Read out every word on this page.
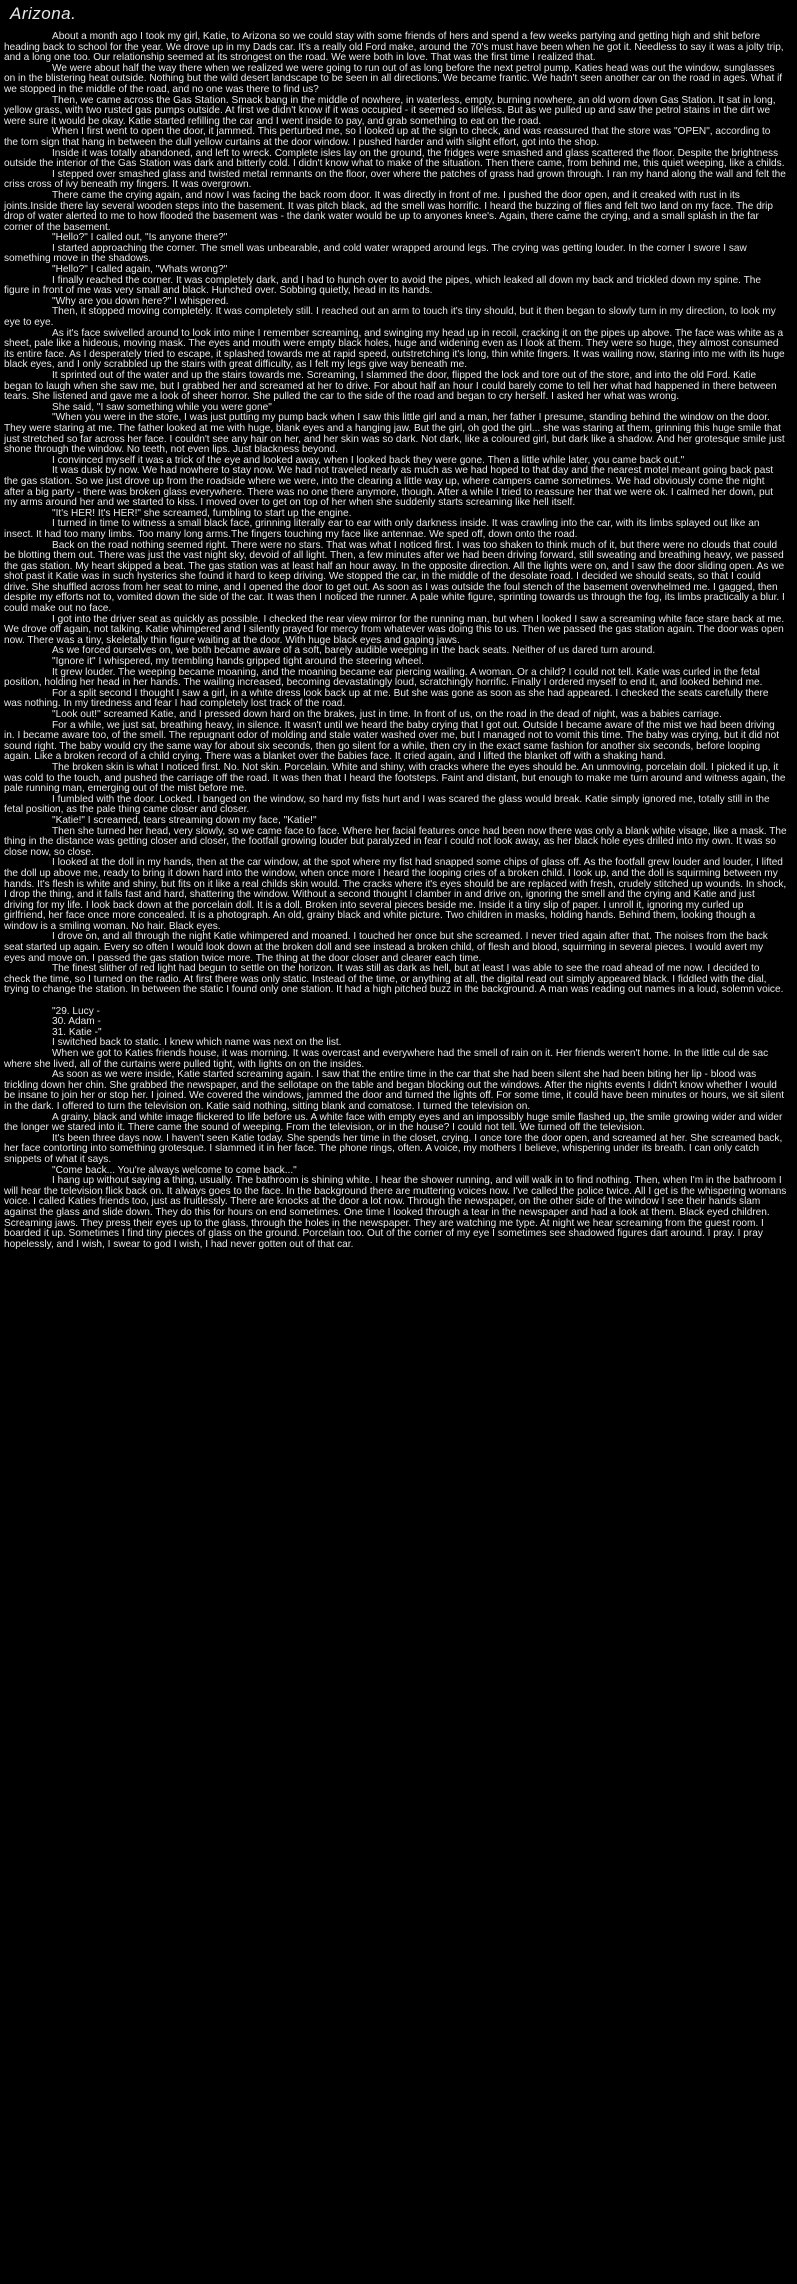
Arizona.

About a month ago I took my girl, Katie, to Arizona so we could stay with some friends of hers and spend a few weeks partying and getting high and shit before heading back to school for the year. We drove up in my Dads car. It's a really old Ford make, around the 70's must have been when he got it. Needless to say it was a jolty trip, and a long one too. Our relationship seemed at its strongest on the road. We were both in love. That was the first time I realized that.

We were about half the way there when we realized we were going to run out of as long before the next petrol pump. Katies head was out the window, sunglasses on in the blistering heat outside. Nothing but the wild desert landscape to be seen in all directions. We became frantic. We hadn't seen another car on the road in ages. What if we stopped in the middle of the road, and no one was there to find us?

Then, we came across the Gas Station. Smack bang in the middle of nowhere, in waterless, empty, burning nowhere, an old worn down Gas Station. It sat in long, yellow grass, with two rusted gas pumps outside. At first we didn't know if it was occupied - it seemed so lifeless. But as we pulled up and saw the petrol stains in the dirt we were sure it would be okay. Katie started refilling the car and I went inside to pay, and grab something to eat on the road.

When I first went to open the door, it jammed. This perturbed me, so I looked up at the sign to check, and was reassured that the store was "OPEN", according to the torn sign that hang in between the dull yellow curtains at the door window. I pushed harder and with slight effort, got into the shop.

Inside it was totally abandoned, and left to wreck. Complete isles lay on the ground, the fridges were smashed and glass scattered the floor. Despite the brightness outside the interior of the Gas Station was dark and bitterly cold. I didn't know what to make of the situation. Then there came, from behind me, this quiet weeping, like a childs.

I stepped over smashed glass and twisted metal remnants on the floor, over where the patches of grass had grown through. I ran my hand along the wall and felt the criss cross of ivy beneath my fingers. It was overgrown.

There came the crying again, and now I was facing the back room door. It was directly in front of me. I pushed the door open, and it creaked with rust in its joints.Inside there lay several wooden steps into the basement. It was pitch black, ad the smell was horrific. I heard the buzzing of flies and felt two land on my face. The drip drop of water alerted to me to how flooded the basement was - the dank water would be up to anyones knee's. Again, there came the crying, and a small splash in the far corner of the basement.

"Hello?" I called out, "Is anyone there?"

I started approaching the corner. The smell was unbearable, and cold water wrapped around legs. The crying was getting louder. In the corner I swore I saw something move in the shadows.

"Hello?" I called again, "Whats wrong?"

I finally reached the corner. It was completely dark, and I had to hunch over to avoid the pipes, which leaked all down my back and trickled down my spine. The figure in front of me was very small and black. Hunched over. Sobbing quietly, head in its hands.

"Why are you down here?" I whispered.

Then, it stopped moving completely. It was completely still. I reached out an arm to touch it's tiny should, but it then began to slowly turn in my direction, to look my eye to eye.

As it's face swivelled around to look into mine I remember screaming, and swinging my head up in recoil, cracking it on the pipes up above. The face was white as a sheet, pale like a hideous, moving mask. The eyes and mouth were empty black holes, huge and widening even as I look at them. They were so huge, they almost consumed its entire face. As I desperately tried to escape, it splashed towards me at rapid speed, outstretching it's long, thin white fingers. It was wailing now, staring into me with its huge black eyes, and I only scrabbled up the stairs with great difficulty, as I felt my legs give way beneath me.

It sprinted out of the water and up the stairs towards me. Screaming, I slammed the door, flipped the lock and tore out of the store, and into the old Ford. Katie began to laugh when she saw me, but I grabbed her and screamed at her to drive. For about half an hour I could barely come to tell her what had happened in there between tears. She listened and gave me a look of sheer horror. She pulled the car to the side of the road and began to cry herself. I asked her what was wrong.

She said, "I saw something while you were gone"

"When you were in the store, I was just putting my pump back when I saw this little girl and a man, her father I presume, standing behind the window on the door. They were staring at me. The father looked at me with huge, blank eyes and a hanging jaw. But the girl, oh god the girl... she was staring at them, grinning this huge smile that just stretched so far across her face. I couldn't see any hair on her, and her skin was so dark. Not dark, like a coloured girl, but dark like a shadow. And her grotesque smile just shone through the window. No teeth, not even lips. Just blackness beyond.

I convinced myself it was a trick of the eye and looked away, when I looked back they were gone. Then a little while later, you came back out."

It was dusk by now. We had nowhere to stay now. We had not traveled nearly as much as we had hoped to that day and the nearest motel meant going back past the gas station. So we just drove up from the roadside where we were, into the clearing a little way up, where campers came sometimes. We had obviously come the night after a big party - there was broken glass everywhere. There was no one there anymore, though. After a while I tried to reassure her that we were ok. I calmed her down, put my arms around her and we started to kiss. I moved over to get on top of her when she suddenly starts screaming like hell itself.

"It's HER! It's HER!" she screamed, fumbling to start up the engine.

I turned in time to witness a small black face, grinning literally ear to ear with only darkness inside. It was crawling into the car, with its limbs splayed out like an insect. It had too many limbs. Too many long arms.The fingers touching my face like antennae. We sped off, down onto the road.

Back on the road nothing seemed right. There were no stars. That was what I noticed first. I was too shaken to think much of it, but there were no clouds that could be blotting them out. There was just the vast night sky, devoid of all light. Then, a few minutes after we had been driving forward, still sweating and breathing heavy, we passed the gas station. My heart skipped a beat. The gas station was at least half an hour away. In the opposite direction. All the lights were on, and I saw the door sliding open. As we shot past it Katie was in such hysterics she found it hard to keep driving. We stopped the car, in the middle of the desolate road. I decided we should seats, so that I could drive. She shuffled across from her seat to mine, and I opened the door to get out. As soon as I was outside the foul stench of the basement overwhelmed me. I gagged, then despite my efforts not to, vomited down the side of the car. It was then I noticed the runner. A pale white figure, sprinting towards us through the fog, its limbs practically a blur. I could make out no face.

I got into the driver seat as quickly as possible. I checked the rear view mirror for the running man, but when I looked I saw a screaming white face stare back at me. We drove off again, not talking. Katie whimpered and I silently prayed for mercy from whatever was doing this to us. Then we passed the gas station again. The door was open now. There was a tiny, skeletally thin figure waiting at the door. With huge black eyes and gaping jaws.

As we forced ourselves on, we both became aware of a soft, barely audible weeping in the back seats. Neither of us dared turn around.

"Ignore it" I whispered, my trembling hands gripped tight around the steering wheel.

It grew louder. The weeping became moaning, and the moaning became ear piercing wailing. A woman. Or a child? I could not tell. Katie was curled in the fetal position, holding her head in her hands. The wailing increased, becoming devastatingly loud, scratchingly horrific. Finally I ordered myself to end it, and looked behind me.

For a split second I thought I saw a girl, in a white dress look back up at me. But she was gone as soon as she had appeared. I checked the seats carefully there was nothing. In my tiredness and fear I had completely lost track of the road.

"Look out!" screamed Katie, and I pressed down hard on the brakes, just in time. In front of us, on the road in the dead of night, was a babies carriage.

For a while, we just sat, breathing heavy, in silence. It wasn't until we heard the baby crying that I got out. Outside I became aware of the mist we had been driving in. I became aware too, of the smell. The repugnant odor of molding and stale water washed over me, but I managed not to vomit this time. The baby was crying, but it did not sound right. The baby would cry the same way for about six seconds, then go silent for a while, then cry in the exact same fashion for another six seconds, before looping again. Like a broken record of a child crying. There was a blanket over the babies face. It cried again, and I lifted the blanket off with a shaking hand.

The broken skin is what I noticed first. No. Not skin. Porcelain. White and shiny, with cracks where the eyes should be. An unmoving, porcelain doll. I picked it up, it was cold to the touch, and pushed the carriage off the road. It was then that I heard the footsteps. Faint and distant, but enough to make me turn around and witness again, the pale running man, emerging out of the mist before me.

I fumbled with the door. Locked. I banged on the window, so hard my fists hurt and I was scared the glass would break. Katie simply ignored me, totally still in the fetal position, as the pale thing came closer and closer.

"Katie!" I screamed, tears streaming down my face, "Katie!"

Then she turned her head, very slowly, so we came face to face. Where her facial features once had been now there was only a blank white visage, like a mask. The thing in the distance was getting closer and closer, the footfall growing louder but paralyzed in fear I could not look away, as her black hole eyes drilled into my own. It was so close now, so close.

I looked at the doll in my hands, then at the car window, at the spot where my fist had snapped some chips of glass off. As the footfall grew louder and louder, I lifted the doll up above me, ready to bring it down hard into the window, when once more I heard the looping cries of a broken child. I look up, and the doll is squirming between my hands. It's flesh is white and shiny, but fits on it like a real childs skin would. The cracks where it's eyes should be are replaced with fresh, crudely stitched up wounds. In shock, I drop the thing, and it falls fast and hard, shattering the window. Without a second thought I clamber in and drive on, ignoring the smell and the crying and Katie and just driving for my life. I look back down at the porcelain doll. It is a doll. Broken into several pieces beside me. Inside it a tiny slip of paper. I unroll it, ignoring my curled up girlfriend, her face once more concealed. It is a photograph. An old, grainy black and white picture. Two children in masks, holding hands. Behind them, looking though a window is a smiling woman. No hair. Black eyes.

I drove on, and all through the night Katie whimpered and moaned. I touched her once but she screamed. I never tried again after that. The noises from the back seat started up again. Every so often I would look down at the broken doll and see instead a broken child, of flesh and blood, squirming in several pieces. I would avert my eyes and move on. I passed the gas station twice more. The thing at the door closer and clearer each time.

The finest slither of red light had begun to settle on the horizon. It was still as dark as hell, but at least I was able to see the road ahead of me now. I decided to check the time, so I turned on the radio. At first there was only static. Instead of the time, or anything at all, the digital read out simply appeared black. I fiddled with the dial, trying to change the station. In between the static I found only one station. It had a high pitched buzz in the background. A man was reading out names in a loud, solemn voice.

"29. Lucy -

30. Adam -

31. Katie -"

I switched back to static. I knew which name was next on the list.

When we got to Katies friends house, it was morning. It was overcast and everywhere had the smell of rain on it. Her friends weren't home. In the little cul de sac where she lived, all of the curtains were pulled tight, with lights on on the insides.

As soon as we were inside, Katie started screaming again. I saw that the entire time in the car that she had been silent she had been biting her lip - blood was trickling down her chin. She grabbed the newspaper, and the sellotape on the table and began blocking out the windows. After the nights events I didn't know whether I would be insane to join her or stop her. I joined. We covered the windows, jammed the door and turned the lights off. For some time, it could have been minutes or hours, we sit silent in the dark. I offered to turn the television on. Katie said nothing, sitting blank and comatose. I turned the television on.

A grainy, black and white image flickered to life before us. A white face with empty eyes and an impossibly huge smile flashed up, the smile growing wider and wider the longer we stared into it. There came the sound of weeping. From the television, or in the house? I could not tell. We turned off the television.

It's been three days now. I haven't seen Katie today. She spends her time in the closet, crying. I once tore the door open, and screamed at her. She screamed back, her face contorting into something grotesque. I slammed it in her face. The phone rings, often. A voice, my mothers I believe, whispering under its breath. I can only catch snippets of what it says.

"Come back... You're always welcome to come back..."

I hang up without saying a thing, usually. The bathroom is shining white. I hear the shower running, and will walk in to find nothing. Then, when I'm in the bathroom I will hear the television flick back on. It always goes to the face. In the background there are muttering voices now. I've called the police twice. All I get is the whispering womans voice. I called Katies friends too, just as fruitlessly. There are knocks at the door a lot now. Through the newspaper, on the other side of the window I see their hands slam against the glass and slide down. They do this for hours on end sometimes. One time I looked through a tear in the newspaper and had a look at them. Black eyed children. Screaming jaws. They press their eyes up to the glass, through the holes in the newspaper. They are watching me type. At night we hear screaming from the guest room. I boarded it up. Sometimes I find tiny pieces of glass on the ground. Porcelain too. Out of the corner of my eye I sometimes see shadowed figures dart around. I pray. I pray hopelessly, and I wish, I swear to god I wish, I had never gotten out of that car.
